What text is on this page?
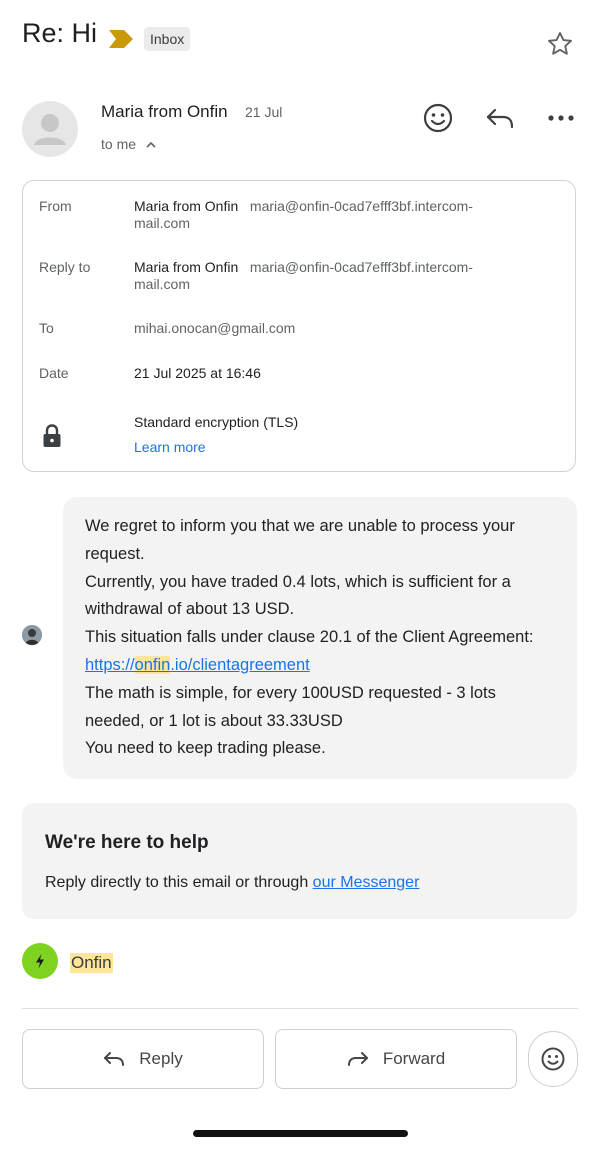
Re: Hi	Inbox
Maria from Onfin 21 Jul
to me
From	Maria from Onfin maria@onfin-0cad7efff3bf.intercom-
mail.com
Reply to	Maria from Onfin maria@onfin-0cad7efff3bf.intercom-
mail.com
To	mihai.onocan@gmail.com
Date	21 Jul 2025 at 16:46
Standard encryption (TLS)
Learn more

We regret to inform you that we are unable to process your request.

Currently, you have traded 0.4 lots, which is sufficient for a withdrawal of about 13 USD.

This situation falls under clause 20.1 of the Client Agreement: https://onfin.io/clientagreement

The math is simple, for every 100USD requested - 3 lots needed, or 1 lot is about 33.33USD

You need to keep trading please.

We're here to help
Reply directly to this email or through our Messenger
Onfin
Reply	Forward
